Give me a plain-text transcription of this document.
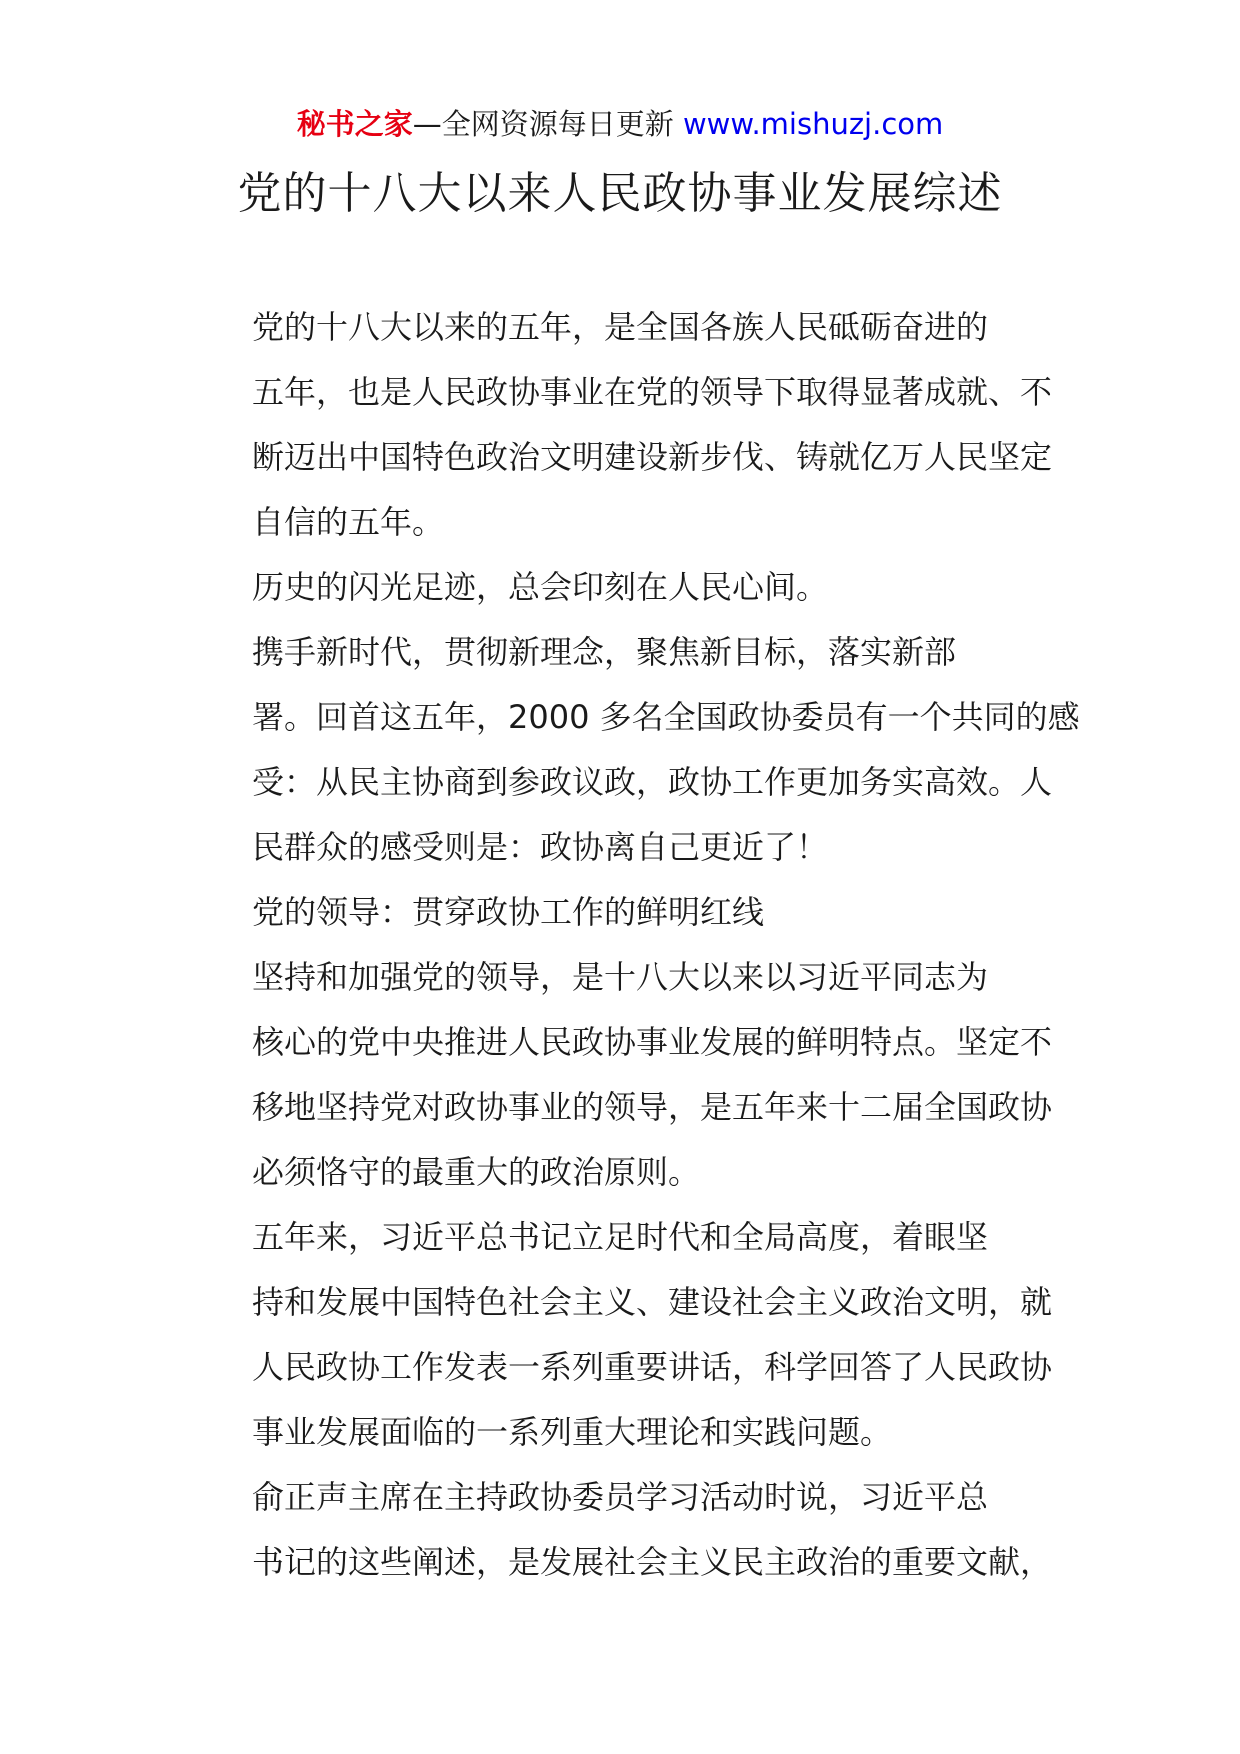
秘书之家—全网资源每日更新 www.mishuzj.com
党的十八大以来人民政协事业发展综述

党的十八大以来的五年，是全国各族人民砥砺奋进的
五年，也是人民政协事业在党的领导下取得显著成就、不
断迈出中国特色政治文明建设新步伐、铸就亿万人民坚定
自信的五年。

历史的闪光足迹，总会印刻在人民心间。

携手新时代，贯彻新理念，聚焦新目标，落实新部
署。回首这五年，2000 多名全国政协委员有一个共同的感
受：从民主协商到参政议政，政协工作更加务实高效。人
民群众的感受则是：政协离自己更近了！

党的领导：贯穿政协工作的鲜明红线

坚持和加强党的领导，是十八大以来以习近平同志为
核心的党中央推进人民政协事业发展的鲜明特点。坚定不
移地坚持党对政协事业的领导，是五年来十二届全国政协
必须恪守的最重大的政治原则。

五年来，习近平总书记立足时代和全局高度，着眼坚
持和发展中国特色社会主义、建设社会主义政治文明，就
人民政协工作发表一系列重要讲话，科学回答了人民政协
事业发展面临的一系列重大理论和实践问题。

俞正声主席在主持政协委员学习活动时说，习近平总
书记的这些阐述，是发展社会主义民主政治的重要文献，
